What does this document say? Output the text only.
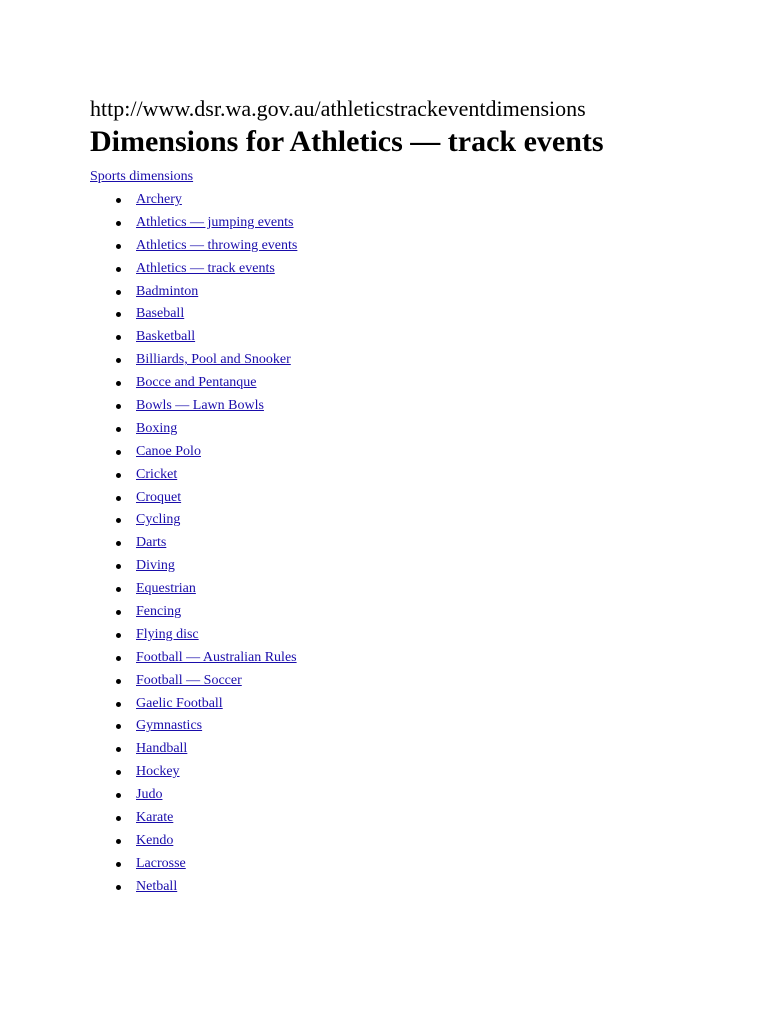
http://www.dsr.wa.gov.au/athleticstrackeventdimensions

Dimensions for Athletics — track events
Sports dimensions
Archery
Athletics — jumping events
Athletics — throwing events
Athletics — track events
Badminton
Baseball
Basketball
Billiards, Pool and Snooker
Bocce and Pentanque
Bowls — Lawn Bowls
Boxing
Canoe Polo
Cricket
Croquet
Cycling
Darts
Diving
Equestrian
Fencing
Flying disc
Football — Australian Rules
Football — Soccer
Gaelic Football
Gymnastics
Handball
Hockey
Judo
Karate
Kendo
Lacrosse
Netball
